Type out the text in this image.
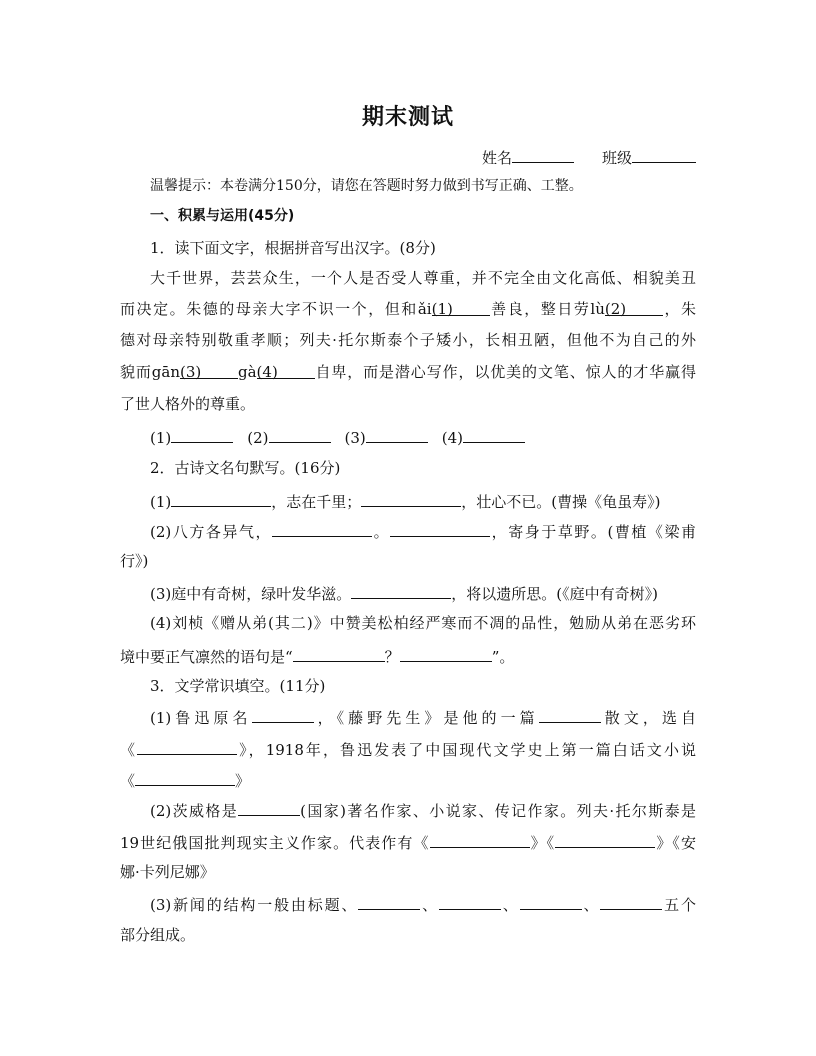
期末测试
姓名	班级
温馨提示：本卷满分150分，请您在答题时努力做到书写正确、工整。
一、积累与运用(45分)
1．读下面文字，根据拼音写出汉字。(8分)
大千世界，芸芸众生，一个人是否受人尊重，并不完全由文化高低、相貌美丑
而决定。朱德的母亲大字不识一个，但和ǎi(1) 善良，整日劳lù(2) ，朱
德对母亲特别敬重孝顺；列夫·托尔斯泰个子矮小，长相丑陋，但他不为自己的外
貌而gān(3) gà(4) 自卑，而是潜心写作，以优美的文笔、惊人的才华赢得
了世人格外的尊重。
(1)	(2)	(3)	(4)
2．古诗文名句默写。(16分)
(1)	，志在千里；	，壮心不已。(曹操《龟虽寿》)
(2)八方各异气，	。	，寄身于草野。(曹植《梁甫
行》)
(3)庭中有奇树，绿叶发华滋。	，将以遗所思。(《庭中有奇树》)
(4)刘桢《赠从弟(其二)》中赞美松柏经严寒而不凋的品性，勉励从弟在恶劣环
境中要正气凛然的语句是“	？	”。
3．文学常识填空。(11分)
(1)鲁迅原名	，《藤野先生》是他的一篇	散文，选自
《	》，1918年，鲁迅发表了中国现代文学史上第一篇白话文小说
《	》
(2)茨威格是	(国家)著名作家、小说家、传记作家。列夫·托尔斯泰是
19世纪俄国批判现实主义作家。代表作有《	》《	》《安
娜·卡列尼娜》
(3)新闻的结构一般由标题、	、	、	、	五个
部分组成。
